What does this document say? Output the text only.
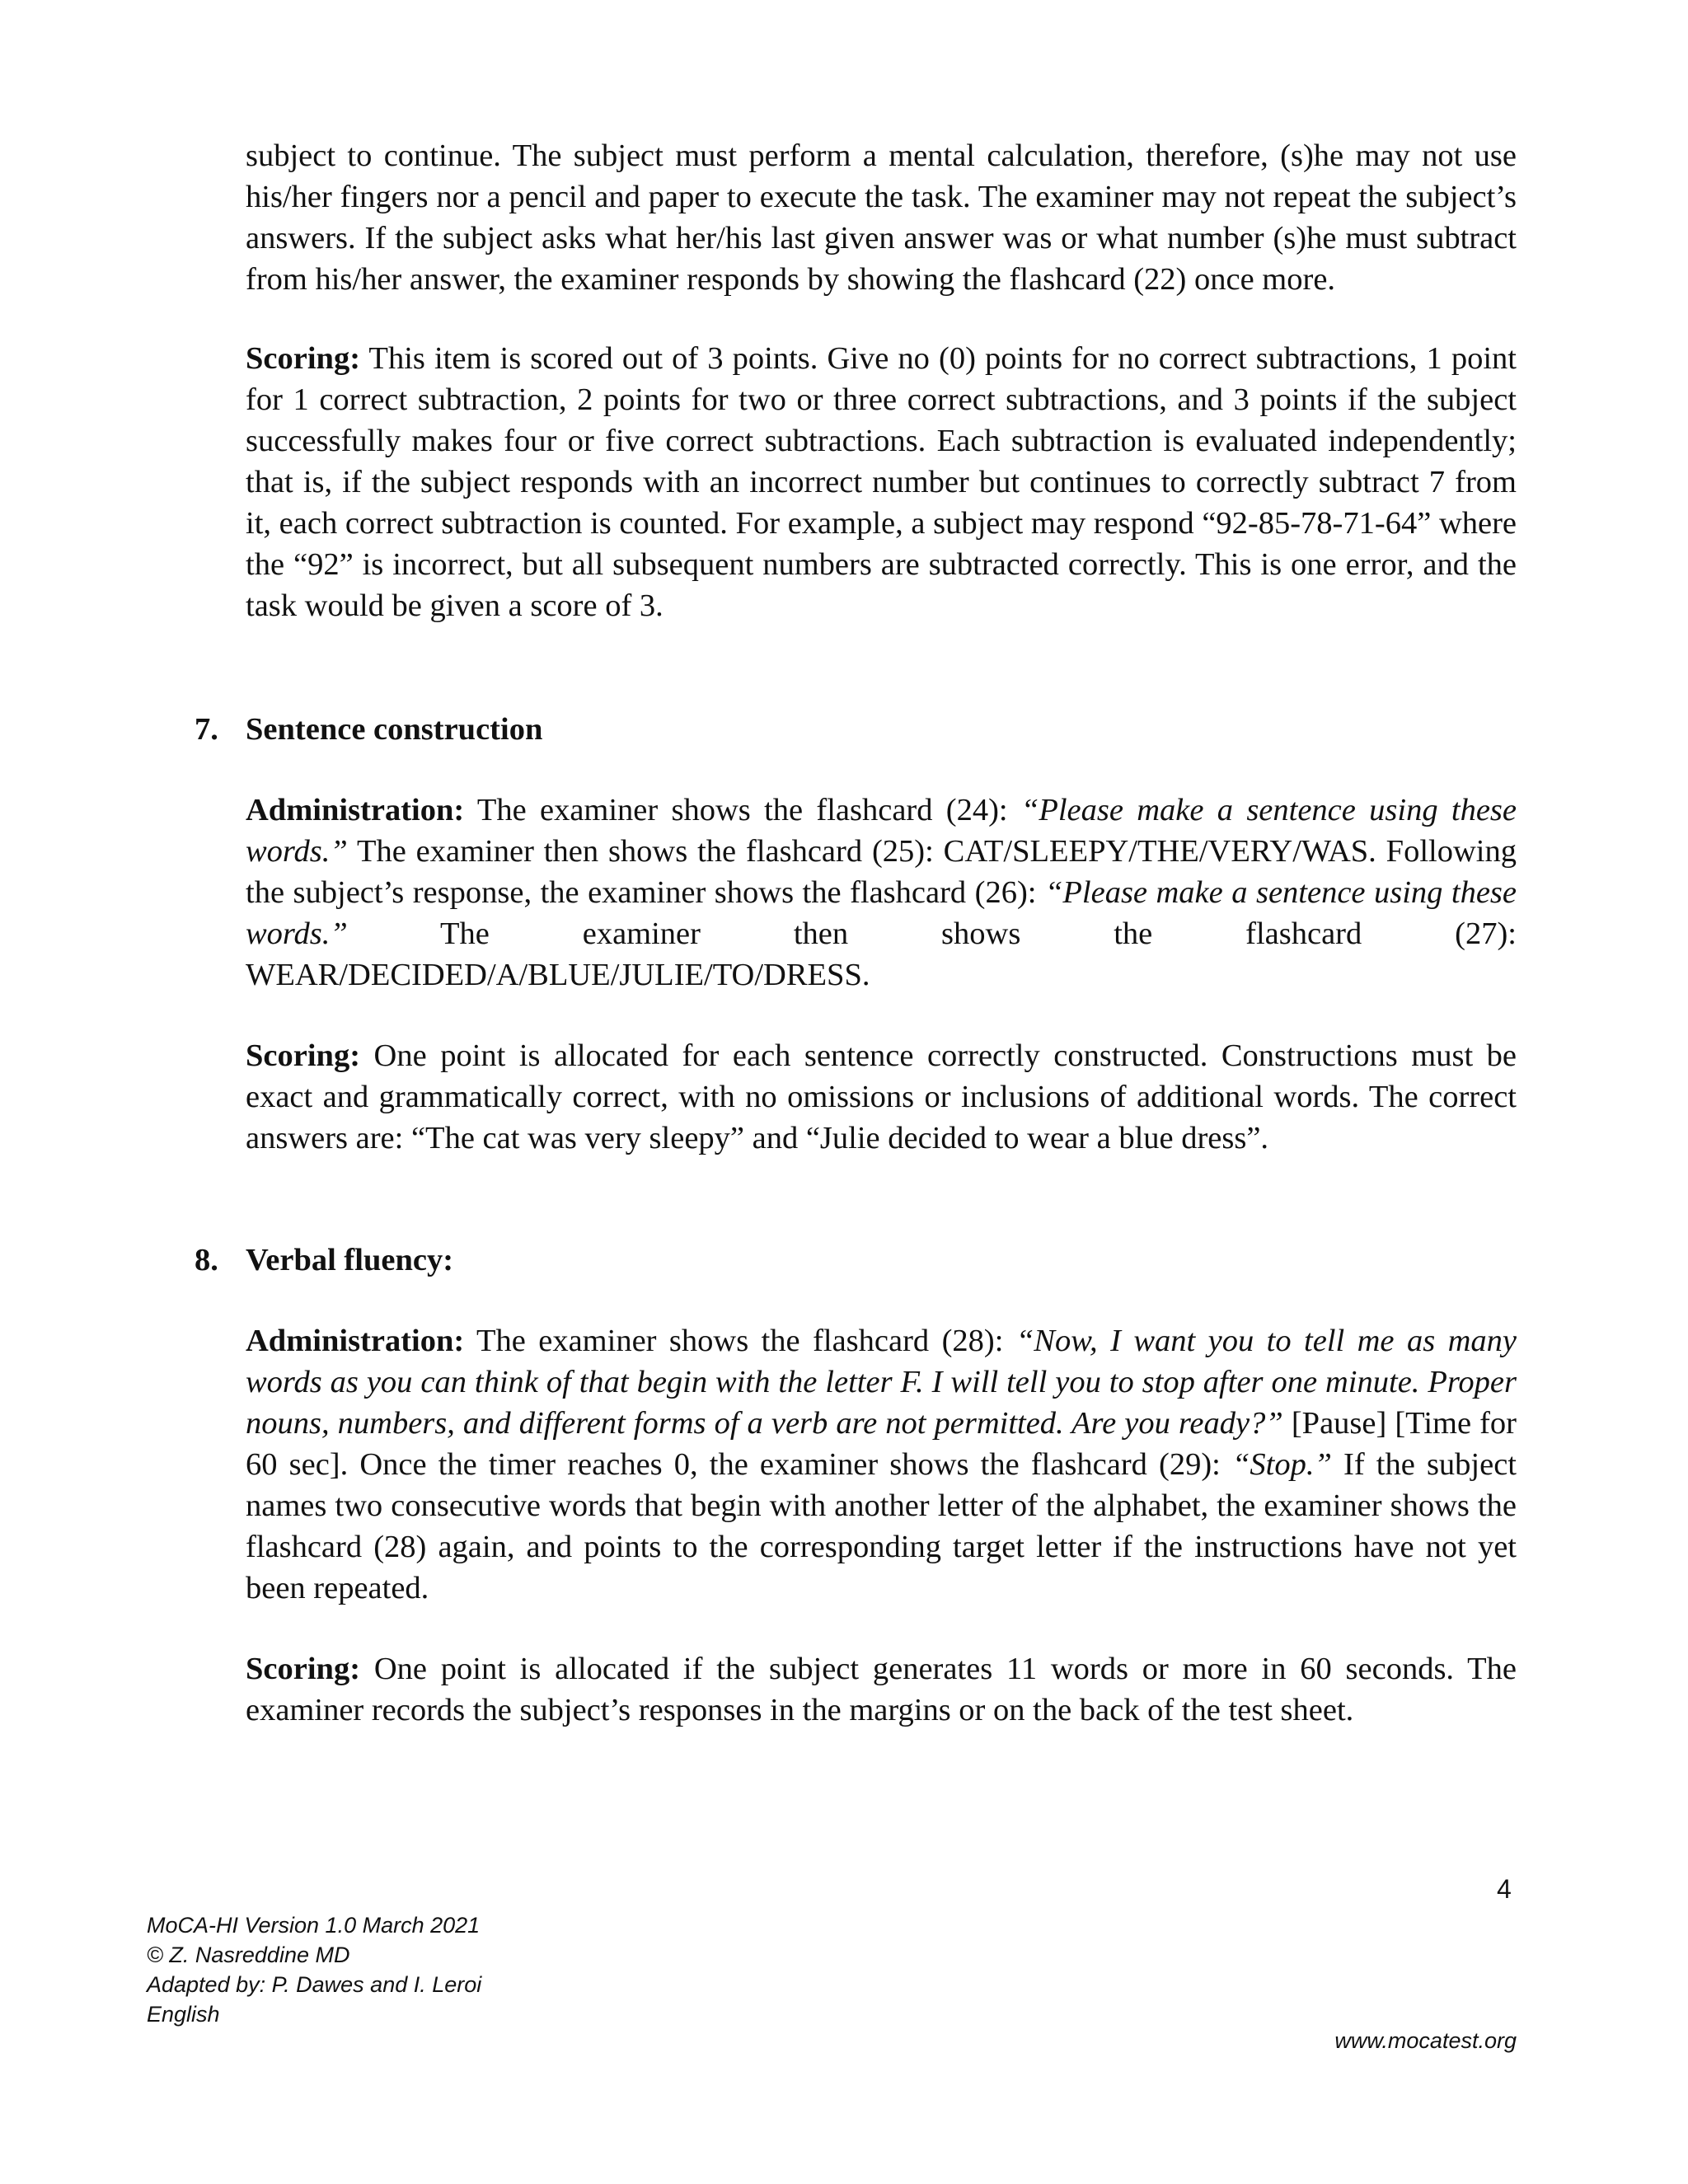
subject to continue. The subject must perform a mental calculation, therefore, (s)he may not use his/her fingers nor a pencil and paper to execute the task. The examiner may not repeat the subject’s answers. If the subject asks what her/his last given answer was or what number (s)he must subtract from his/her answer, the examiner responds by showing the flashcard (22) once more.

Scoring: This item is scored out of 3 points. Give no (0) points for no correct subtractions, 1 point for 1 correct subtraction, 2 points for two or three correct subtractions, and 3 points if the subject successfully makes four or five correct subtractions. Each subtraction is evaluated independently; that is, if the subject responds with an incorrect number but continues to correctly subtract 7 from it, each correct subtraction is counted. For example, a subject may respond “92-85-78-71-64” where the “92” is incorrect, but all subsequent numbers are subtracted correctly. This is one error, and the task would be given a score of 3.

7. Sentence construction

Administration: The examiner shows the flashcard (24): “Please make a sentence using these words.” The examiner then shows the flashcard (25): CAT/SLEEPY/THE/VERY/WAS. Following the subject’s response, the examiner shows the flashcard (26): “Please make a sentence using these words.” The examiner then shows the flashcard (27): WEAR/DECIDED/A/BLUE/JULIE/TO/DRESS.

Scoring: One point is allocated for each sentence correctly constructed. Constructions must be exact and grammatically correct, with no omissions or inclusions of additional words. The correct answers are: “The cat was very sleepy” and “Julie decided to wear a blue dress”.

8. Verbal fluency:

Administration: The examiner shows the flashcard (28): “Now, I want you to tell me as many words as you can think of that begin with the letter F. I will tell you to stop after one minute. Proper nouns, numbers, and different forms of a verb are not permitted. Are you ready?” [Pause] [Time for 60 sec]. Once the timer reaches 0, the examiner shows the flashcard (29): “Stop.” If the subject names two consecutive words that begin with another letter of the alphabet, the examiner shows the flashcard (28) again, and points to the corresponding target letter if the instructions have not yet been repeated.

Scoring: One point is allocated if the subject generates 11 words or more in 60 seconds. The examiner records the subject’s responses in the margins or on the back of the test sheet.

4
MoCA-HI Version 1.0 March 2021
© Z. Nasreddine MD
Adapted by: P. Dawes and I. Leroi
English
www.mocatest.org
